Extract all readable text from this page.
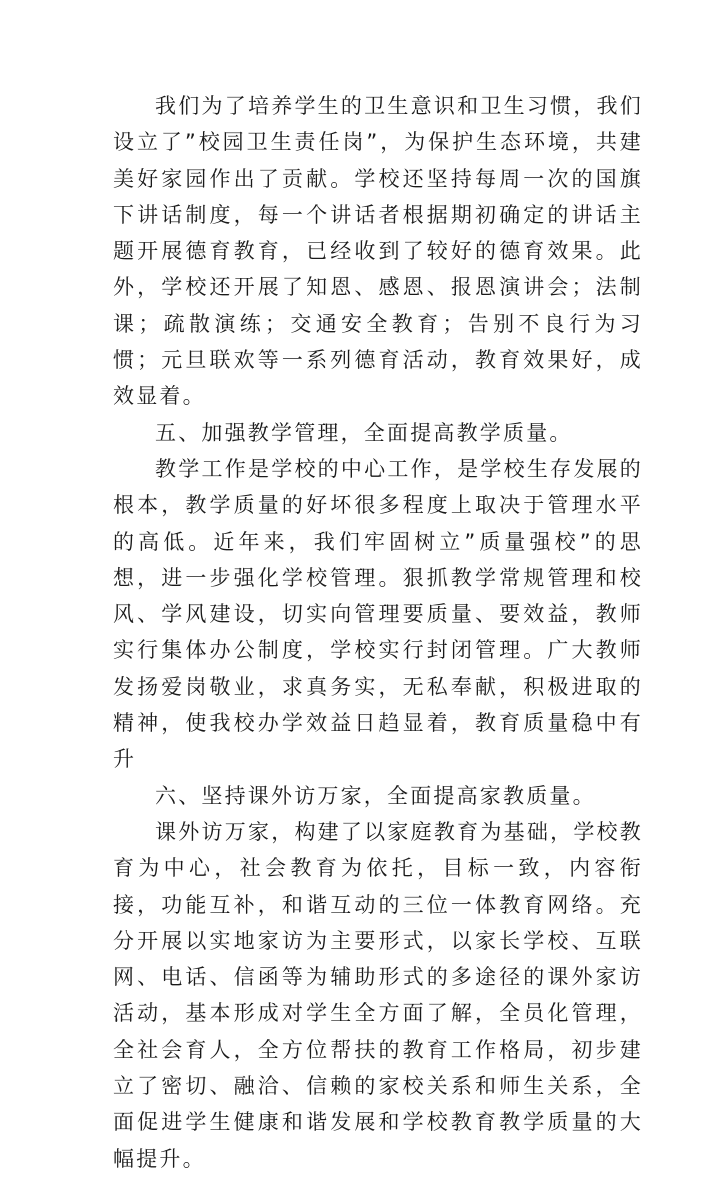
我们为了培养学生的卫生意识和卫生习惯，我们设立了”校园卫生责任岗”，为保护生态环境，共建美好家园作出了贡献。学校还坚持每周一次的国旗下讲话制度，每一个讲话者根据期初确定的讲话主题开展德育教育，已经收到了较好的德育效果。此外，学校还开展了知恩、感恩、报恩演讲会；法制课；疏散演练；交通安全教育；告别不良行为习惯；元旦联欢等一系列德育活动，教育效果好，成效显着。

五、加强教学管理，全面提高教学质量。

教学工作是学校的中心工作，是学校生存发展的根本，教学质量的好坏很多程度上取决于管理水平的高低。近年来，我们牢固树立”质量强校”的思想，进一步强化学校管理。狠抓教学常规管理和校风、学风建设，切实向管理要质量、要效益，教师实行集体办公制度，学校实行封闭管理。广大教师发扬爱岗敬业，求真务实，无私奉献，积极进取的精神，使我校办学效益日趋显着，教育质量稳中有升

六、坚持课外访万家，全面提高家教质量。

课外访万家，构建了以家庭教育为基础，学校教育为中心，社会教育为依托，目标一致，内容衔接，功能互补，和谐互动的三位一体教育网络。充分开展以实地家访为主要形式，以家长学校、互联网、电话、信函等为辅助形式的多途径的课外家访活动，基本形成对学生全方面了解，全员化管理，全社会育人，全方位帮扶的教育工作格局，初步建立了密切、融洽、信赖的家校关系和师生关系，全面促进学生健康和谐发展和学校教育教学质量的大幅提升。
